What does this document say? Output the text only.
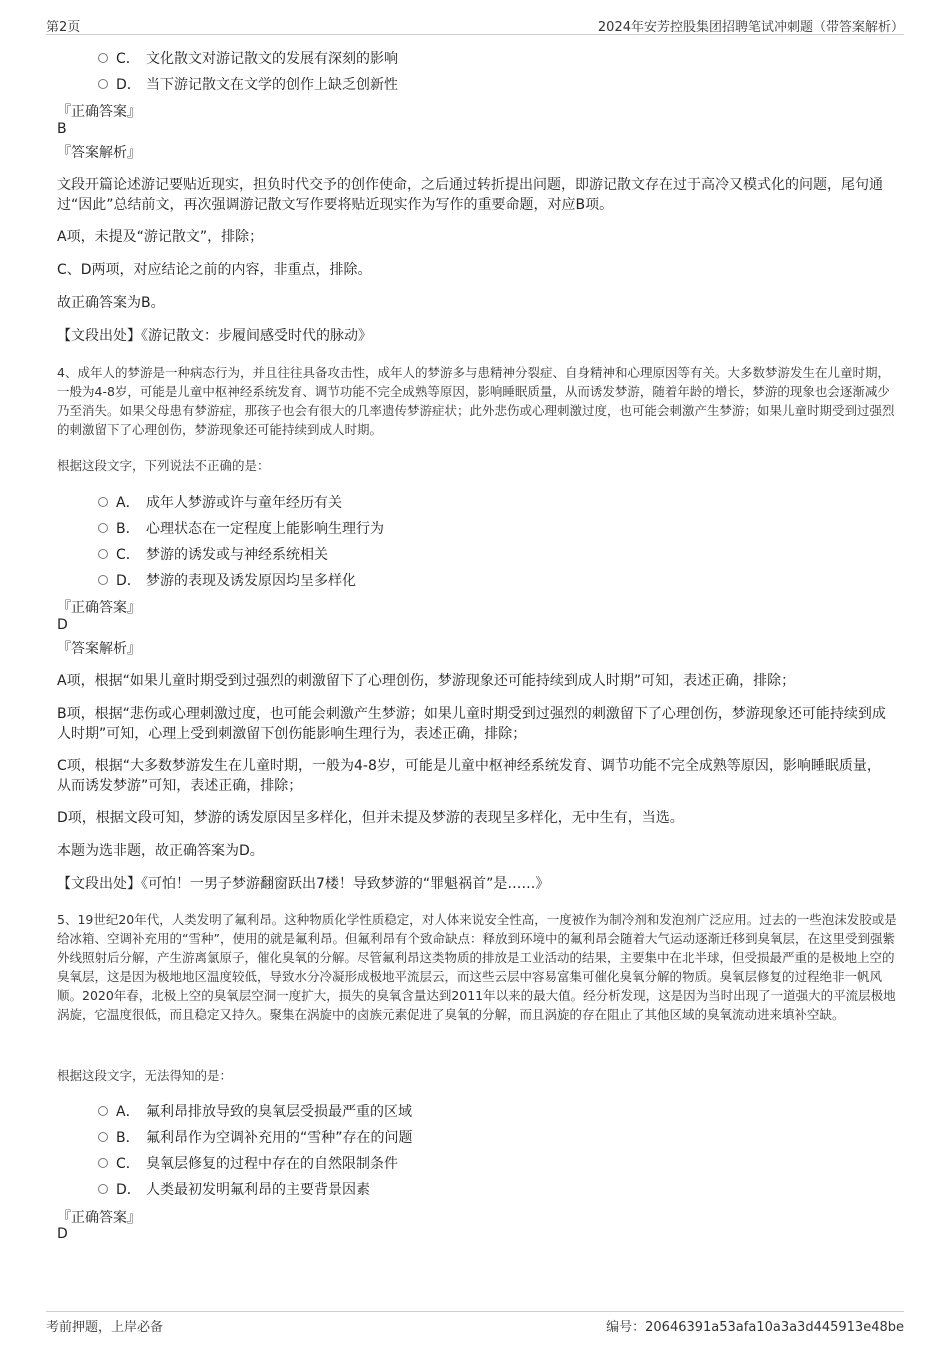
第2页	2024年安芳控股集团招聘笔试冲刺题（带答案解析）
C． 文化散文对游记散文的发展有深刻的影响
D． 当下游记散文在文学的创作上缺乏创新性
『正确答案』
B
『答案解析』
文段开篇论述游记要贴近现实，担负时代交予的创作使命，之后通过转折提出问题，即游记散文存在过于高冷又模式化的问题，尾句通过“因此”总结前文，再次强调游记散文写作要将贴近现实作为写作的重要命题，对应B项。
A项，未提及“游记散文”，排除；
C、D两项，对应结论之前的内容，非重点，排除。
故正确答案为B。
【文段出处】《游记散文：步履间感受时代的脉动》
4、成年人的梦游是一种病态行为，并且往往具备攻击性，成年人的梦游多与患精神分裂症、自身精神和心理原因等有关。大多数梦游发生在儿童时期，一般为4-8岁，可能是儿童中枢神经系统发育、调节功能不完全成熟等原因，影响睡眠质量，从而诱发梦游，随着年龄的增长，梦游的现象也会逐渐减少乃至消失。如果父母患有梦游症，那孩子也会有很大的几率遗传梦游症状；此外悲伤或心理刺激过度，也可能会刺激产生梦游；如果儿童时期受到过强烈的刺激留下了心理创伤，梦游现象还可能持续到成人时期。
根据这段文字，下列说法不正确的是：
A． 成年人梦游或许与童年经历有关
B． 心理状态在一定程度上能影响生理行为
C． 梦游的诱发或与神经系统相关
D． 梦游的表现及诱发原因均呈多样化
『正确答案』
D
『答案解析』
A项，根据“如果儿童时期受到过强烈的刺激留下了心理创伤，梦游现象还可能持续到成人时期”可知，表述正确，排除；
B项，根据“悲伤或心理刺激过度，也可能会刺激产生梦游；如果儿童时期受到过强烈的刺激留下了心理创伤，梦游现象还可能持续到成人时期”可知，心理上受到刺激留下创伤能影响生理行为，表述正确，排除；
C项，根据“大多数梦游发生在儿童时期，一般为4-8岁，可能是儿童中枢神经系统发育、调节功能不完全成熟等原因，影响睡眠质量，从而诱发梦游”可知，表述正确，排除；
D项，根据文段可知，梦游的诱发原因呈多样化，但并未提及梦游的表现呈多样化，无中生有，当选。
本题为选非题，故正确答案为D。
【文段出处】《可怕！一男子梦游翻窗跃出7楼！导致梦游的“罪魁祸首”是……》
5、19世纪20年代，人类发明了氟利昂。这种物质化学性质稳定，对人体来说安全性高，一度被作为制冷剂和发泡剂广泛应用。过去的一些泡沫发胶或是给冰箱、空调补充用的“雪种”，使用的就是氟利昂。但氟利昂有个致命缺点：释放到环境中的氟利昂会随着大气运动逐渐迁移到臭氧层，在这里受到强紫外线照射后分解，产生游离氯原子，催化臭氧的分解。尽管氟利昂这类物质的排放是工业活动的结果，主要集中在北半球，但受损最严重的是极地上空的臭氧层，这是因为极地地区温度较低，导致水分冷凝形成极地平流层云，而这些云层中容易富集可催化臭氧分解的物质。臭氧层修复的过程绝非一帆风顺。2020年春，北极上空的臭氧层空洞一度扩大，损失的臭氧含量达到2011年以来的最大值。经分析发现，这是因为当时出现了一道强大的平流层极地涡旋，它温度很低，而且稳定又持久。聚集在涡旋中的卤族元素促进了臭氧的分解，而且涡旋的存在阻止了其他区域的臭氧流动进来填补空缺。
根据这段文字，无法得知的是：
A． 氟利昂排放导致的臭氧层受损最严重的区域
B． 氟利昂作为空调补充用的“雪种”存在的问题
C． 臭氧层修复的过程中存在的自然限制条件
D． 人类最初发明氟利昂的主要背景因素
『正确答案』
D
考前押题，上岸必备	编号：20646391a53afa10a3a3d445913e48be
